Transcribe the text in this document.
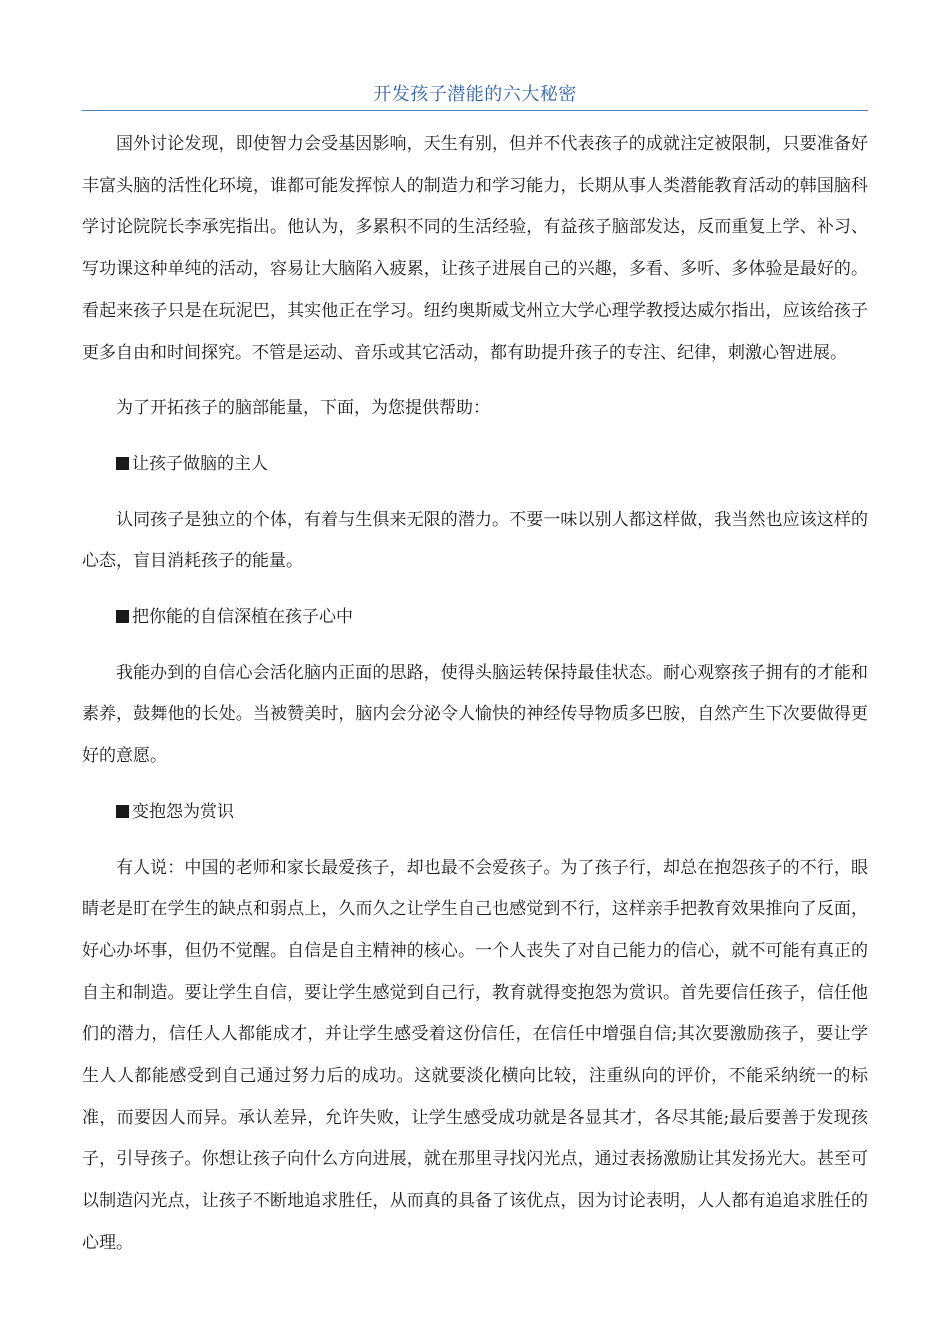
开发孩子潜能的六大秘密

国外讨论发现，即使智力会受基因影响，天生有别，但并不代表孩子的成就注定被限制，只要准备好丰富头脑的活性化环境，谁都可能发挥惊人的制造力和学习能力，长期从事人类潜能教育活动的韩国脑科学讨论院院长李承宪指出。他认为，多累积不同的生活经验，有益孩子脑部发达，反而重复上学、补习、写功课这种单纯的活动，容易让大脑陷入疲累，让孩子进展自己的兴趣，多看、多听、多体验是最好的。看起来孩子只是在玩泥巴，其实他正在学习。纽约奥斯威戈州立大学心理学教授达威尔指出，应该给孩子更多自由和时间探究。不管是运动、音乐或其它活动，都有助提升孩子的专注、纪律，刺激心智进展。

为了开拓孩子的脑部能量，下面，为您提供帮助：

让孩子做脑的主人

认同孩子是独立的个体，有着与生俱来无限的潜力。不要一味以别人都这样做，我当然也应该这样的心态，盲目消耗孩子的能量。

把你能的自信深植在孩子心中

我能办到的自信心会活化脑内正面的思路，使得头脑运转保持最佳状态。耐心观察孩子拥有的才能和素养，鼓舞他的长处。当被赞美时，脑内会分泌令人愉快的神经传导物质多巴胺，自然产生下次要做得更好的意愿。

变抱怨为赏识

有人说：中国的老师和家长最爱孩子，却也最不会爱孩子。为了孩子行，却总在抱怨孩子的不行，眼睛老是盯在学生的缺点和弱点上，久而久之让学生自己也感觉到不行，这样亲手把教育效果推向了反面，好心办坏事，但仍不觉醒。自信是自主精神的核心。一个人丧失了对自己能力的信心，就不可能有真正的自主和制造。要让学生自信，要让学生感觉到自己行，教育就得变抱怨为赏识。首先要信任孩子，信任他们的潜力，信任人人都能成才，并让学生感受着这份信任，在信任中增强自信;其次要激励孩子，要让学生人人都能感受到自己通过努力后的成功。这就要淡化横向比较，注重纵向的评价，不能采纳统一的标准，而要因人而异。承认差异，允许失败，让学生感受成功就是各显其才，各尽其能;最后要善于发现孩子，引导孩子。你想让孩子向什么方向进展，就在那里寻找闪光点，通过表扬激励让其发扬光大。甚至可以制造闪光点，让孩子不断地追求胜任，从而真的具备了该优点，因为讨论表明，人人都有追追求胜任的心理。
